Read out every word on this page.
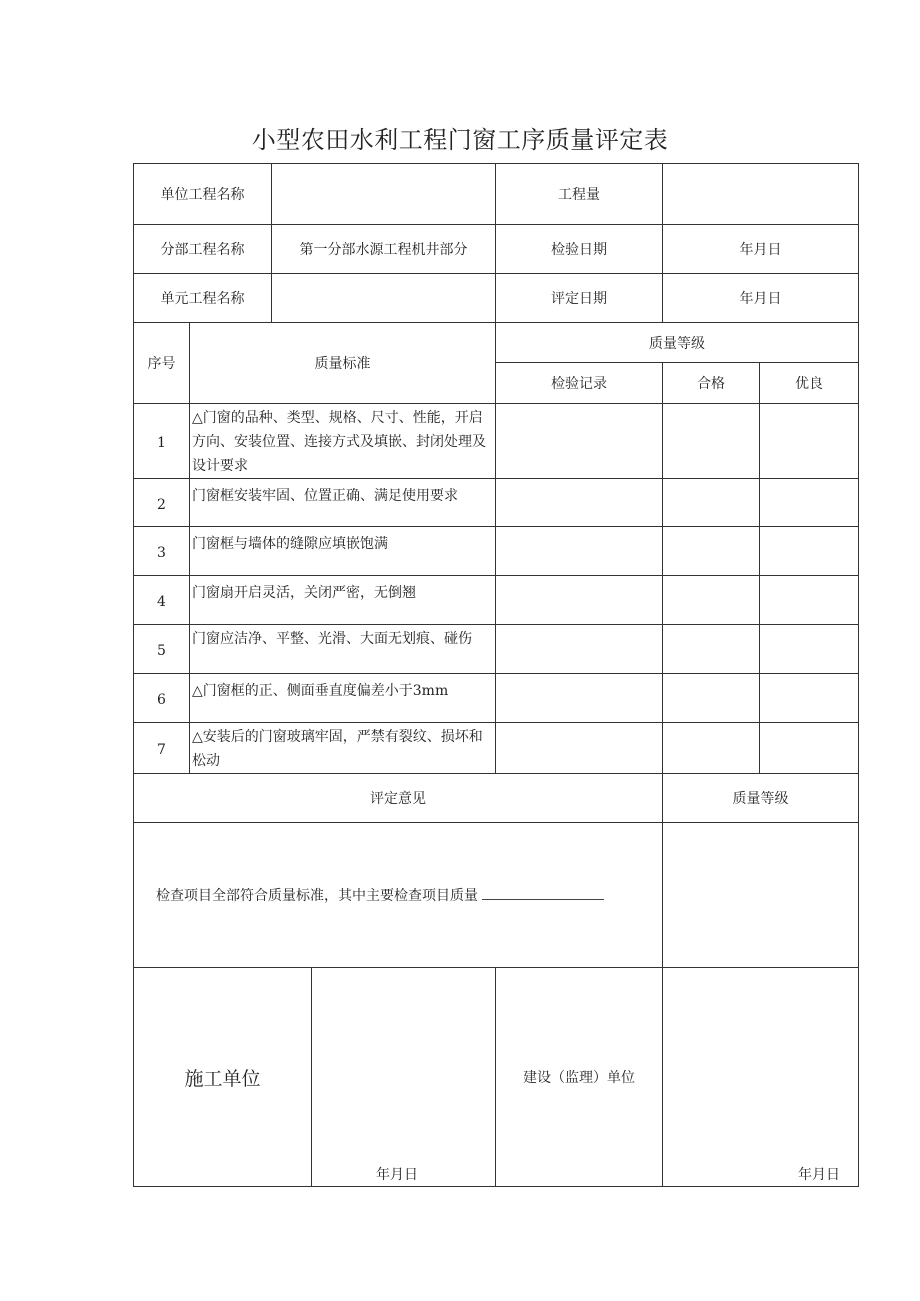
小型农田水利工程门窗工序质量评定表
单位工程名称				工程量		
分部工程名称		第一分部水源工程机井部分		检验日期	年月日	
单元工程名称				评定日期	年月日	
序号	质量标准			质量等级		
				检验记录	合格	优良
1	△门窗的品种、类型、规格、尺寸、性能，开启方向、安装位置、连接方式及填嵌、封闭处理及设计要求					
2	门窗框安装牢固、位置正确、满足使用要求					
3	门窗框与墙体的缝隙应填嵌饱满					
4	门窗扇开启灵活，关闭严密，无倒翘					
5	门窗应洁净、平整、光滑、大面无划痕、碰伤					
6	△门窗框的正、侧面垂直度偏差小于3mm					
7	△安装后的门窗玻璃牢固，严禁有裂纹、损坏和松动					
评定意见					质量等级	
检查项目全部符合质量标准，其中主要检查项目质量						
施工单位			年月日	建设（监理）单位	年月日	
